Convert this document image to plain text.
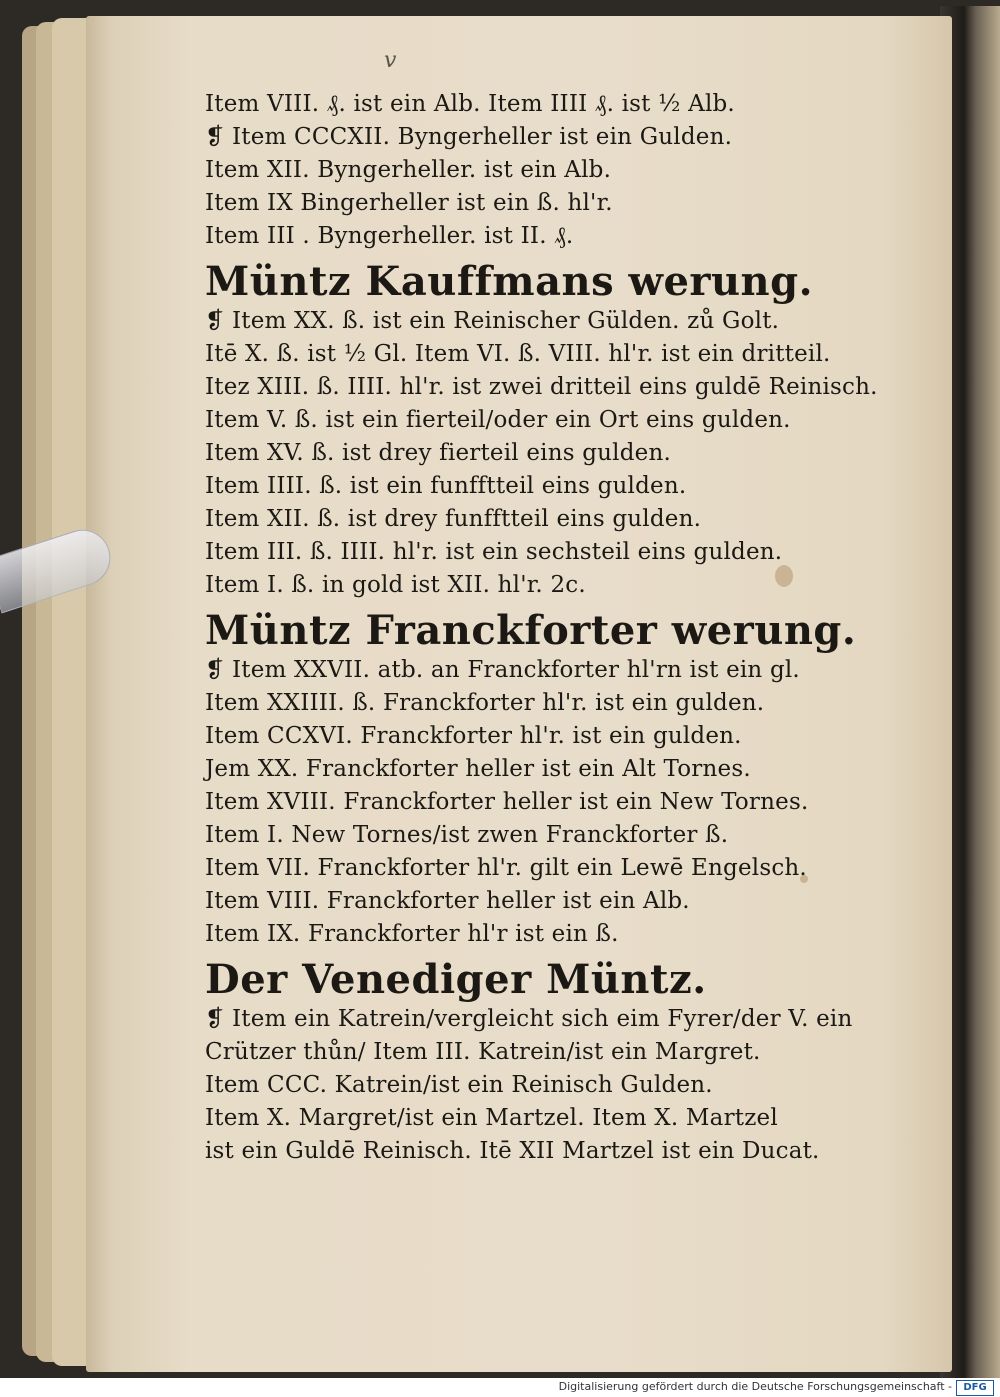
v
Item VIII. ₰. ist ein Alb. Item IIII ₰. ist ½ Alb.
❡ Item CCCXII. Byngerheller ist ein Gulden.
Item XII. Byngerheller. ist ein Alb.
Item IX Bingerheller ist ein ß. hl'r.
Item III . Byngerheller. ist II. ₰.
Müntz Kauffmans werung.
❡ Item XX. ß. ist ein Reinischer Gülden. zů Golt.
Itē X. ß. ist ½ Gl. Item VI. ß. VIII. hl'r. ist ein dritteil.
Itez XIII. ß. IIII. hl'r. ist zwei dritteil eins guldē Reinisch.
Item V. ß. ist ein fierteil/oder ein Ort eins gulden.
Item XV. ß. ist drey fierteil eins gulden.
Item IIII. ß. ist ein funfftteil eins gulden.
Item XII. ß. ist drey funfftteil eins gulden.
Item III. ß. IIII. hl'r. ist ein sechsteil eins gulden.
Item I. ß. in gold ist XII. hl'r. 2c.
Müntz Franckforter werung.
❡ Item XXVII. atb. an Franckforter hl'rn ist ein gl.
Item XXIIII. ß. Franckforter hl'r. ist ein gulden.
Item CCXVI. Franckforter hl'r. ist ein gulden.
Jem XX. Franckforter heller ist ein Alt Tornes.
Item XVIII. Franckforter heller ist ein New Tornes.
Item I. New Tornes/ist zwen Franckforter ß.
Item VII. Franckforter hl'r. gilt ein Lewē Engelsch.
Item VIII. Franckforter heller ist ein Alb.
Item IX. Franckforter hl'r ist ein ß.
Der Venediger Müntz.
❡ Item ein Katrein/vergleicht sich eim Fyrer/der V. ein
Crützer thůn/ Item III. Katrein/ist ein Margret.
Item CCC. Katrein/ist ein Reinisch Gulden.
Item X. Margret/ist ein Martzel. Item X. Martzel
ist ein Guldē Reinisch. Itē XII Martzel ist ein Ducat.
Digitalisierung gefördert durch die Deutsche Forschungsgemeinschaft -	DFG
